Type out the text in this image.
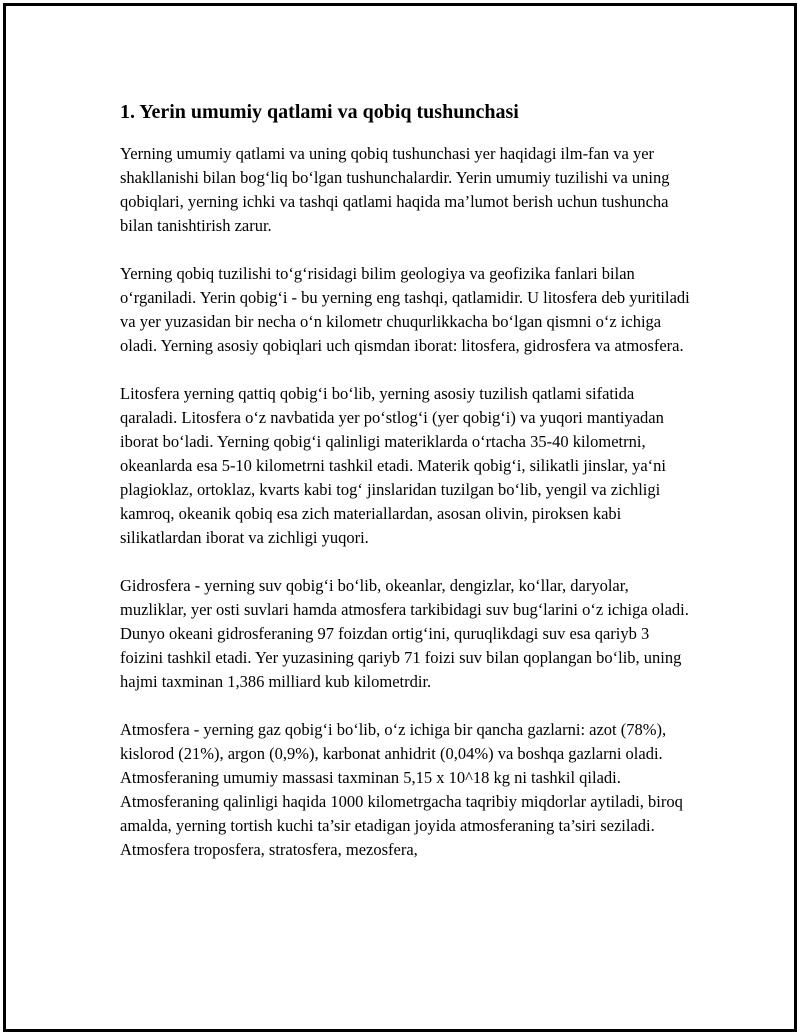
1. Yerin umumiy qatlami va qobiq tushunchasi

Yerning umumiy qatlami va uning qobiq tushunchasi yer haqidagi ilm-fan va yer shakllanishi bilan bog‘liq bo‘lgan tushunchalardir. Yerin umumiy tuzilishi va uning qobiqlari, yerning ichki va tashqi qatlami haqida ma’lumot berish uchun tushuncha bilan tanishtirish zarur.

Yerning qobiq tuzilishi to‘g‘risidagi bilim geologiya va geofizika fanlari bilan o‘rganiladi. Yerin qobig‘i - bu yerning eng tashqi, qatlamidir. U litosfera deb yuritiladi va yer yuzasidan bir necha o‘n kilometr chuqurlikkacha bo‘lgan qismni o‘z ichiga oladi. Yerning asosiy qobiqlari uch qismdan iborat: litosfera, gidrosfera va atmosfera.

Litosfera yerning qattiq qobig‘i bo‘lib, yerning asosiy tuzilish qatlami sifatida qaraladi. Litosfera o‘z navbatida yer po‘stlog‘i (yer qobig‘i) va yuqori mantiyadan iborat bo‘ladi. Yerning qobig‘i qalinligi materiklarda o‘rtacha 35-40 kilometrni, okeanlarda esa 5-10 kilometrni tashkil etadi. Materik qobig‘i, silikatli jinslar, ya‘ni plagioklaz, ortoklaz, kvarts kabi tog‘ jinslaridan tuzilgan bo‘lib, yengil va zichligi kamroq, okeanik qobiq esa zich materiallardan, asosan olivin, piroksen kabi silikatlardan iborat va zichligi yuqori.

Gidrosfera - yerning suv qobig‘i bo‘lib, okeanlar, dengizlar, ko‘llar, daryolar, muzliklar, yer osti suvlari hamda atmosfera tarkibidagi suv bug‘larini o‘z ichiga oladi. Dunyo okeani gidrosferaning 97 foizdan ortig‘ini, quruqlikdagi suv esa qariyb 3 foizini tashkil etadi. Yer yuzasining qariyb 71 foizi suv bilan qoplangan bo‘lib, uning hajmi taxminan 1,386 milliard kub kilometrdir.

Atmosfera - yerning gaz qobig‘i bo‘lib, o‘z ichiga bir qancha gazlarni: azot (78%), kislorod (21%), argon (0,9%), karbonat anhidrit (0,04%) va boshqa gazlarni oladi. Atmosferaning umumiy massasi taxminan 5,15 x 10^18 kg ni tashkil qiladi. Atmosferaning qalinligi haqida 1000 kilometrgacha taqribiy miqdorlar aytiladi, biroq amalda, yerning tortish kuchi ta’sir etadigan joyida atmosferaning ta’siri seziladi. Atmosfera troposfera, stratosfera, mezosfera,
